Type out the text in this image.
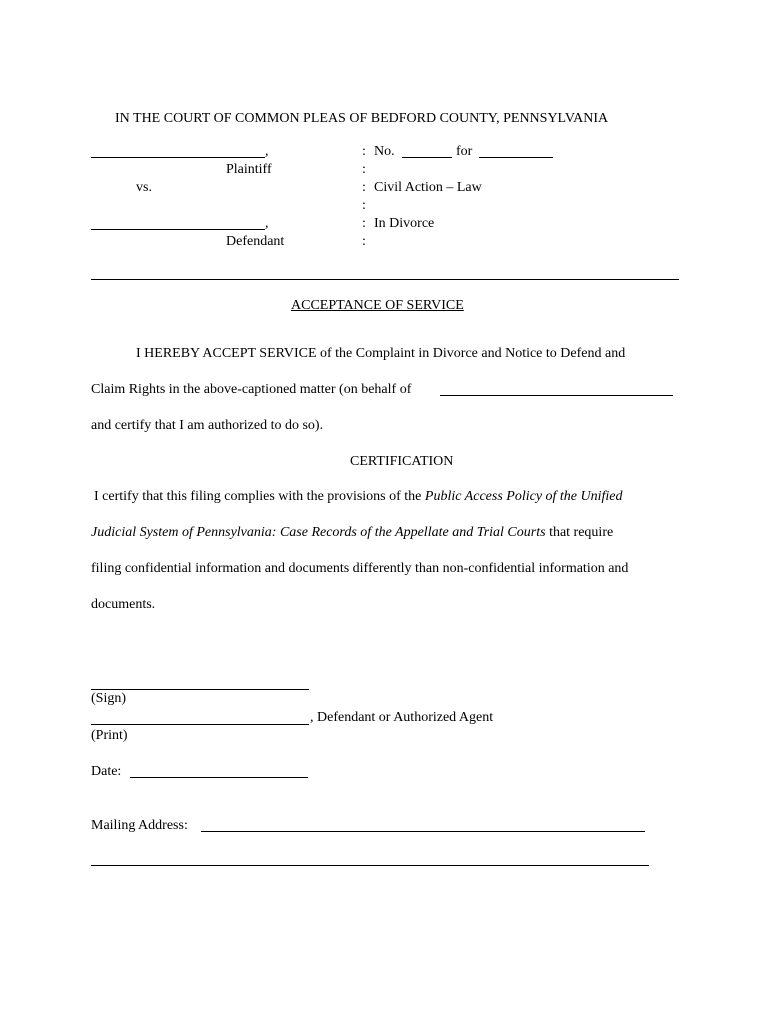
IN THE COURT OF COMMON PLEAS OF BEDFORD COUNTY, PENNSYLVANIA
,
Plaintiff
vs.
,
Defendant
:
:
:
:
:
:
No.	for
Civil Action – Law
In Divorce
ACCEPTANCE OF SERVICE
I HEREBY ACCEPT SERVICE of the Complaint in Divorce and Notice to Defend and
Claim Rights in the above-captioned matter (on behalf of
and certify that I am authorized to do so).
CERTIFICATION
I certify that this filing complies with the provisions of the Public Access Policy of the Unified
Judicial System of Pennsylvania: Case Records of the Appellate and Trial Courts that require
filing confidential information and documents differently than non-confidential information and
documents.
(Sign)
, Defendant or Authorized Agent
(Print)
Date:
Mailing Address:
